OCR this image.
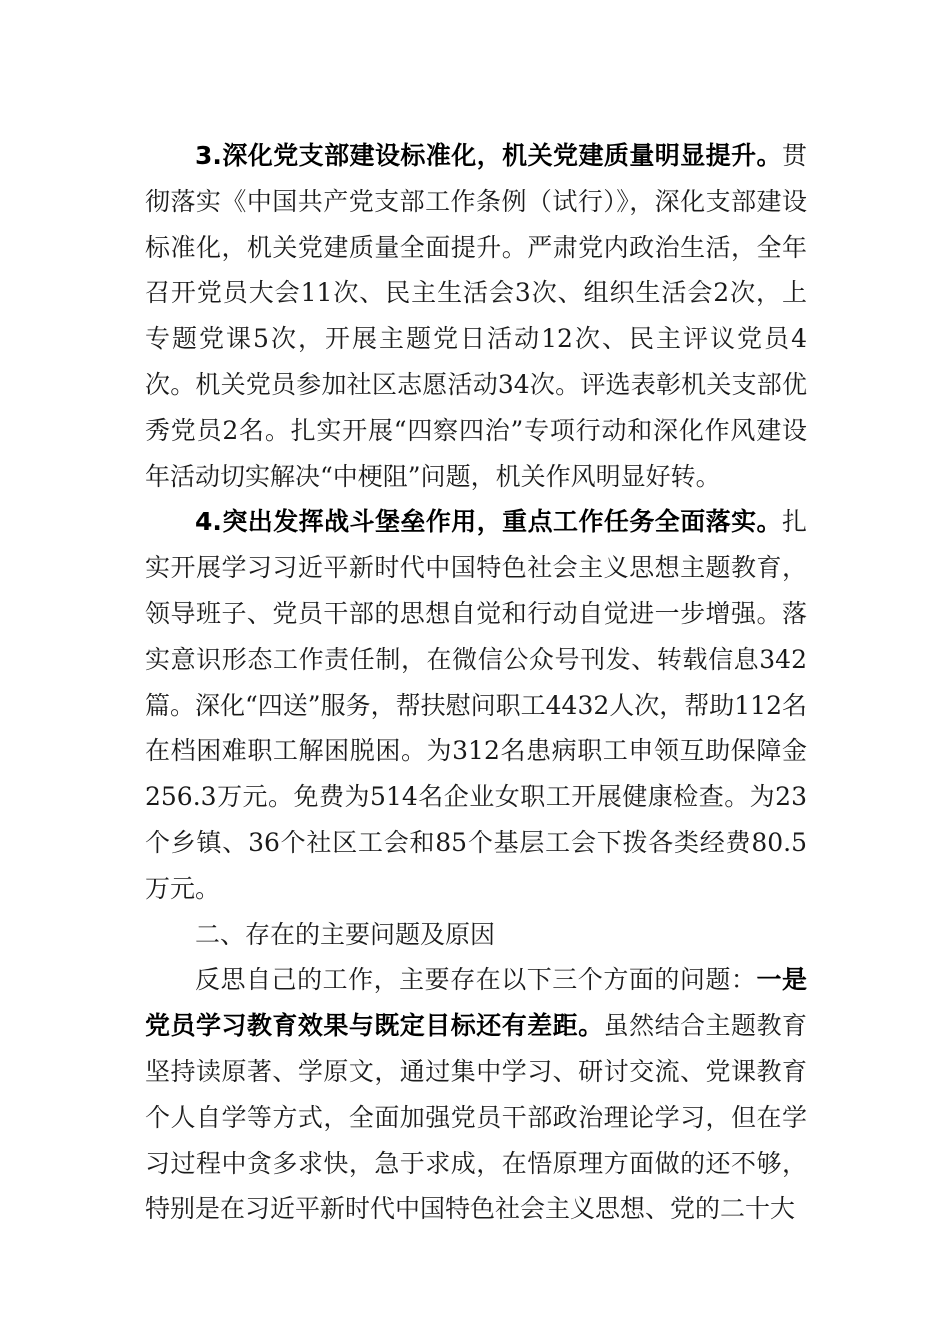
3.深化党支部建设标准化，机关党建质量明显提升。贯彻落实《中国共产党支部工作条例（试行）》，深化支部建设标准化，机关党建质量全面提升。严肃党内政治生活，全年召开党员大会11次、民主生活会3次、组织生活会2次，上专题党课5次，开展主题党日活动12次、民主评议党员4次。机关党员参加社区志愿活动34次。评选表彰机关支部优秀党员2名。扎实开展“四察四治”专项行动和深化作风建设年活动切实解决“中梗阻”问题，机关作风明显好转。

4.突出发挥战斗堡垒作用，重点工作任务全面落实。扎实开展学习习近平新时代中国特色社会主义思想主题教育，领导班子、党员干部的思想自觉和行动自觉进一步增强。落实意识形态工作责任制，在微信公众号刊发、转载信息342篇。深化“四送”服务，帮扶慰问职工4432人次，帮助112名在档困难职工解困脱困。为312名患病职工申领互助保障金256.3万元。免费为514名企业女职工开展健康检查。为23个乡镇、36个社区工会和85个基层工会下拨各类经费80.5万元。

二、存在的主要问题及原因

反思自己的工作，主要存在以下三个方面的问题：一是党员学习教育效果与既定目标还有差距。虽然结合主题教育坚持读原著、学原文，通过集中学习、研讨交流、党课教育个人自学等方式，全面加强党员干部政治理论学习，但在学习过程中贪多求快，急于求成，在悟原理方面做的还不够，特别是在习近平新时代中国特色社会主义思想、党的二十大
